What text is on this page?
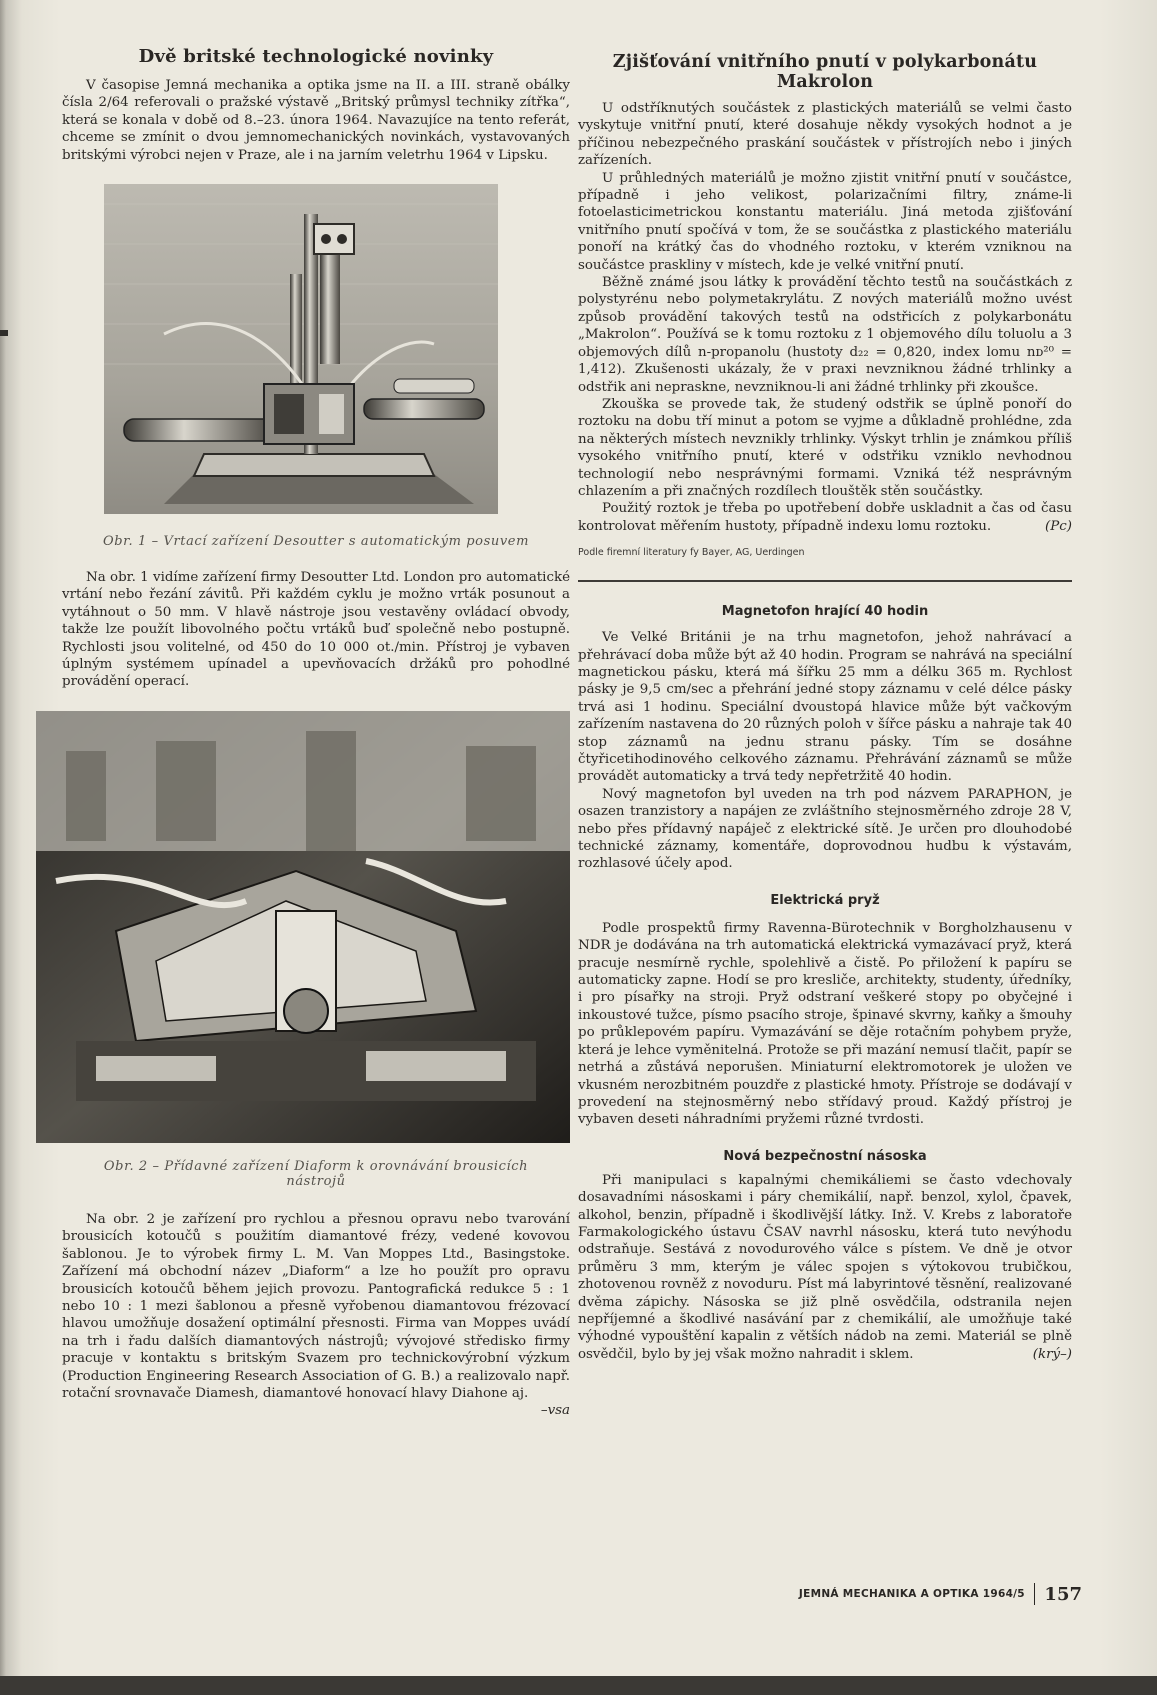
Dvě britské technologické novinky

V časopise Jemná mechanika a optika jsme na II. a III. straně obálky čísla 2/64 referovali o pražské výstavě „Britský průmysl techniky zítřka“, která se konala v době od 8.–23. února 1964. Navazujíce na tento referát, chceme se zmínit o dvou jemnomechanických novinkách, vystavovaných britskými výrobci nejen v Praze, ale i na jarním veletrhu 1964 v Lipsku.

Obr. 1 – Vrtací zařízení Desoutter s automatickým posuvem

Na obr. 1 vidíme zařízení firmy Desoutter Ltd. London pro automatické vrtání nebo řezání závitů. Při každém cyklu je možno vrták posunout a vytáhnout o 50 mm. V hlavě nástroje jsou vestavěny ovládací obvody, takže lze použít libovolného počtu vrtáků buď společně nebo postupně. Rychlosti jsou volitelné, od 450 do 10 000 ot./min. Přístroj je vybaven úplným systémem upínadel a upevňovacích držáků pro pohodlné provádění operací.

Obr. 2 – Přídavné zařízení Diaform k orovnávání brousicích nástrojů

Na obr. 2 je zařízení pro rychlou a přesnou opravu nebo tvarování brousicích kotoučů s použitím diamantové frézy, vedené kovovou šablonou. Je to výrobek firmy L. M. Van Moppes Ltd., Basingstoke. Zařízení má obchodní název „Diaform“ a lze ho použít pro opravu brousicích kotoučů během jejich provozu. Pantografická redukce 5 : 1 nebo 10 : 1 mezi šablonou a přesně vyřobenou diamantovou frézovací hlavou umožňuje dosažení optimální přesnosti. Firma van Moppes uvádí na trh i řadu dalších diamantových nástrojů; vývojové středisko firmy pracuje v kontaktu s britským Svazem pro technickovýrobní výzkum (Production Engineering Research Association of G. B.) a realizovalo např. rotační srovnavače Diamesh, diamantové honovací hlavy Diahone aj.
–vsa

Zjišťování vnitřního pnutí v polykarbonátu Makrolon

U odstříknutých součástek z plastických materiálů se velmi často vyskytuje vnitřní pnutí, které dosahuje někdy vysokých hodnot a je příčinou nebezpečného praskání součástek v přístrojích nebo i jiných zařízeních.

U průhledných materiálů je možno zjistit vnitřní pnutí v součástce, případně i jeho velikost, polarizačními filtry, známe-li fotoelasticimetrickou konstantu materiálu. Jiná metoda zjišťování vnitřního pnutí spočívá v tom, že se součástka z plastického materiálu ponoří na krátký čas do vhodného roztoku, v kterém vzniknou na součástce praskliny v místech, kde je velké vnitřní pnutí.

Běžně známé jsou látky k provádění těchto testů na součástkách z polystyrénu nebo polymetakrylátu. Z nových materiálů možno uvést způsob provádění takových testů na odstřicích z polykarbonátu „Makrolon“. Používá se k tomu roztoku z 1 objemového dílu toluolu a 3 objemových dílů n-propanolu (hustoty d₂₂ = 0,820, index lomu nᴅ²⁰ = 1,412). Zkušenosti ukázaly, že v praxi nevzniknou žádné trhlinky a odstřik ani nepraskne, nevzniknou-li ani žádné trhlinky při zkoušce.

Zkouška se provede tak, že studený odstřik se úplně ponoří do roztoku na dobu tří minut a potom se vyjme a důkladně prohlédne, zda na některých místech nevznikly trhlinky. Výskyt trhlin je známkou příliš vysokého vnitřního pnutí, které v odstřiku vzniklo nevhodnou technologií nebo nesprávnými formami. Vzniká též nesprávným chlazením a při značných rozdílech tlouštěk stěn součástky.

Použitý roztok je třeba po upotřebení dobře uskladnit a čas od času kontrolovat měřením hustoty, případně indexu lomu roztoku.	(Pc)

Podle firemní literatury fy Bayer, AG, Uerdingen

Magnetofon hrající 40 hodin

Ve Velké Británii je na trhu magnetofon, jehož nahrávací a přehrávací doba může být až 40 hodin. Program se nahrává na speciální magnetickou pásku, která má šířku 25 mm a délku 365 m. Rychlost pásky je 9,5 cm/sec a přehrání jedné stopy záznamu v celé délce pásky trvá asi 1 hodinu. Speciální dvoustopá hlavice může být vačkovým zařízením nastavena do 20 různých poloh v šířce pásku a nahraje tak 40 stop záznamů na jednu stranu pásky. Tím se dosáhne čtyřicetihodinového celkového záznamu. Přehrávání záznamů se může provádět automaticky a trvá tedy nepřetržitě 40 hodin.

Nový magnetofon byl uveden na trh pod názvem PARAPHON, je osazen tranzistory a napájen ze zvláštního stejnosměrného zdroje 28 V, nebo přes přídavný napáječ z elektrické sítě. Je určen pro dlouhodobé technické záznamy, komentáře, doprovodnou hudbu k výstavám, rozhlasové účely apod.

Elektrická pryž

Podle prospektů firmy Ravenna-Bürotechnik v Borgholzhausenu v NDR je dodávána na trh automatická elektrická vymazávací pryž, která pracuje nesmírně rychle, spolehlivě a čistě. Po přiložení k papíru se automaticky zapne. Hodí se pro kresliče, architekty, studenty, úředníky, i pro písařky na stroji. Pryž odstraní veškeré stopy po obyčejné i inkoustové tužce, písmo psacího stroje, špinavé skvrny, kaňky a šmouhy po průklepovém papíru. Vymazávání se děje rotačním pohybem pryže, která je lehce vyměnitelná. Protože se při mazání nemusí tlačit, papír se netrhá a zůstává neporušen. Miniaturní elektromotorek je uložen ve vkusném nerozbitném pouzdře z plastické hmoty. Přístroje se dodávají v provedení na stejnosměrný nebo střídavý proud. Každý přístroj je vybaven deseti náhradními pryžemi různé tvrdosti.

Nová bezpečnostní násoska

Při manipulaci s kapalnými chemikáliemi se často vdechovaly dosavadními násoskami i páry chemikálií, např. benzol, xylol, čpavek, alkohol, benzin, případně i škodlivější látky. Inž. V. Krebs z laboratoře Farmakologického ústavu ČSAV navrhl násosku, která tuto nevýhodu odstraňuje. Sestává z novodurového válce s pístem. Ve dně je otvor průměru 3 mm, kterým je válec spojen s výtokovou trubičkou, zhotovenou rovněž z novoduru. Píst má labyrintové těsnění, realizované dvěma zápichy. Násoska se již plně osvědčila, odstranila nejen nepříjemné a škodlivé nasávání par z chemikálií, ale umožňuje také výhodné vypouštění kapalin z větších nádob na zemi. Materiál se plně osvědčil, bylo by jej však možno nahradit i sklem.	(krý–)

JEMNÁ MECHANIKA A OPTIKA 1964/5 157
